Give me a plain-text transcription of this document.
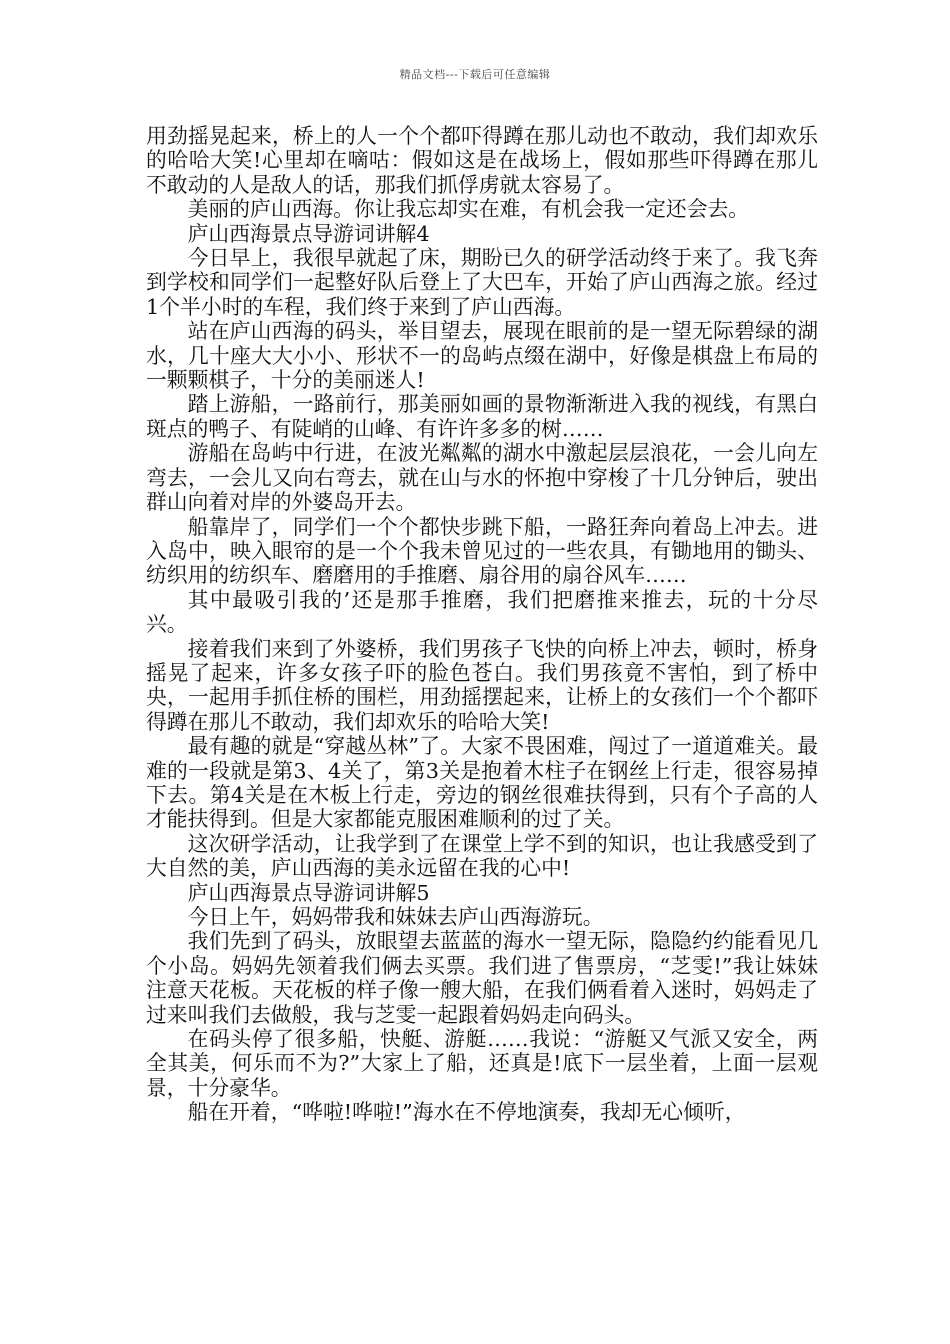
精品文档---下载后可任意编辑

用劲摇晃起来，桥上的人一个个都吓得蹲在那儿动也不敢动，我们却欢乐的哈哈大笑!心里却在嘀咕：假如这是在战场上，假如那些吓得蹲在那儿不敢动的人是敌人的话，那我们抓俘虏就太容易了。

美丽的庐山西海。你让我忘却实在难，有机会我一定还会去。

庐山西海景点导游词讲解4

今日早上，我很早就起了床，期盼已久的研学活动终于来了。我飞奔到学校和同学们一起整好队后登上了大巴车，开始了庐山西海之旅。经过1个半小时的车程，我们终于来到了庐山西海。

站在庐山西海的码头，举目望去，展现在眼前的是一望无际碧绿的湖水，几十座大大小小、形状不一的岛屿点缀在湖中，好像是棋盘上布局的一颗颗棋子，十分的美丽迷人!

踏上游船，一路前行，那美丽如画的景物渐渐进入我的视线，有黑白斑点的鸭子、有陡峭的山峰、有许许多多的树……

游船在岛屿中行进，在波光粼粼的湖水中激起层层浪花，一会儿向左弯去，一会儿又向右弯去，就在山与水的怀抱中穿梭了十几分钟后，驶出群山向着对岸的外婆岛开去。

船靠岸了，同学们一个个都快步跳下船，一路狂奔向着岛上冲去。进入岛中，映入眼帘的是一个个我未曾见过的一些农具，有锄地用的锄头、纺织用的纺织车、磨磨用的手推磨、扇谷用的扇谷风车……

其中最吸引我的’还是那手推磨，我们把磨推来推去，玩的十分尽兴。

接着我们来到了外婆桥，我们男孩子飞快的向桥上冲去，顿时，桥身摇晃了起来，许多女孩子吓的脸色苍白。我们男孩竟不害怕，到了桥中央，一起用手抓住桥的围栏，用劲摇摆起来，让桥上的女孩们一个个都吓得蹲在那儿不敢动，我们却欢乐的哈哈大笑!

最有趣的就是“穿越丛林”了。大家不畏困难，闯过了一道道难关。最难的一段就是第3、4关了，第3关是抱着木柱子在钢丝上行走，很容易掉下去。第4关是在木板上行走，旁边的钢丝很难扶得到，只有个子高的人才能扶得到。但是大家都能克服困难顺利的过了关。

这次研学活动，让我学到了在课堂上学不到的知识，也让我感受到了大自然的美，庐山西海的美永远留在我的心中!

庐山西海景点导游词讲解5

今日上午，妈妈带我和妹妹去庐山西海游玩。

我们先到了码头，放眼望去蓝蓝的海水一望无际，隐隐约约能看见几个小岛。妈妈先领着我们俩去买票。我们进了售票房，“芝雯!”我让妹妹注意天花板。天花板的样子像一艘大船，在我们俩看着入迷时，妈妈走了过来叫我们去做般，我与芝雯一起跟着妈妈走向码头。

在码头停了很多船，快艇、游艇……我说：“游艇又气派又安全，两全其美，何乐而不为?”大家上了船，还真是!底下一层坐着，上面一层观景，十分豪华。

船在开着，“哗啦!哗啦!”海水在不停地演奏，我却无心倾听，
